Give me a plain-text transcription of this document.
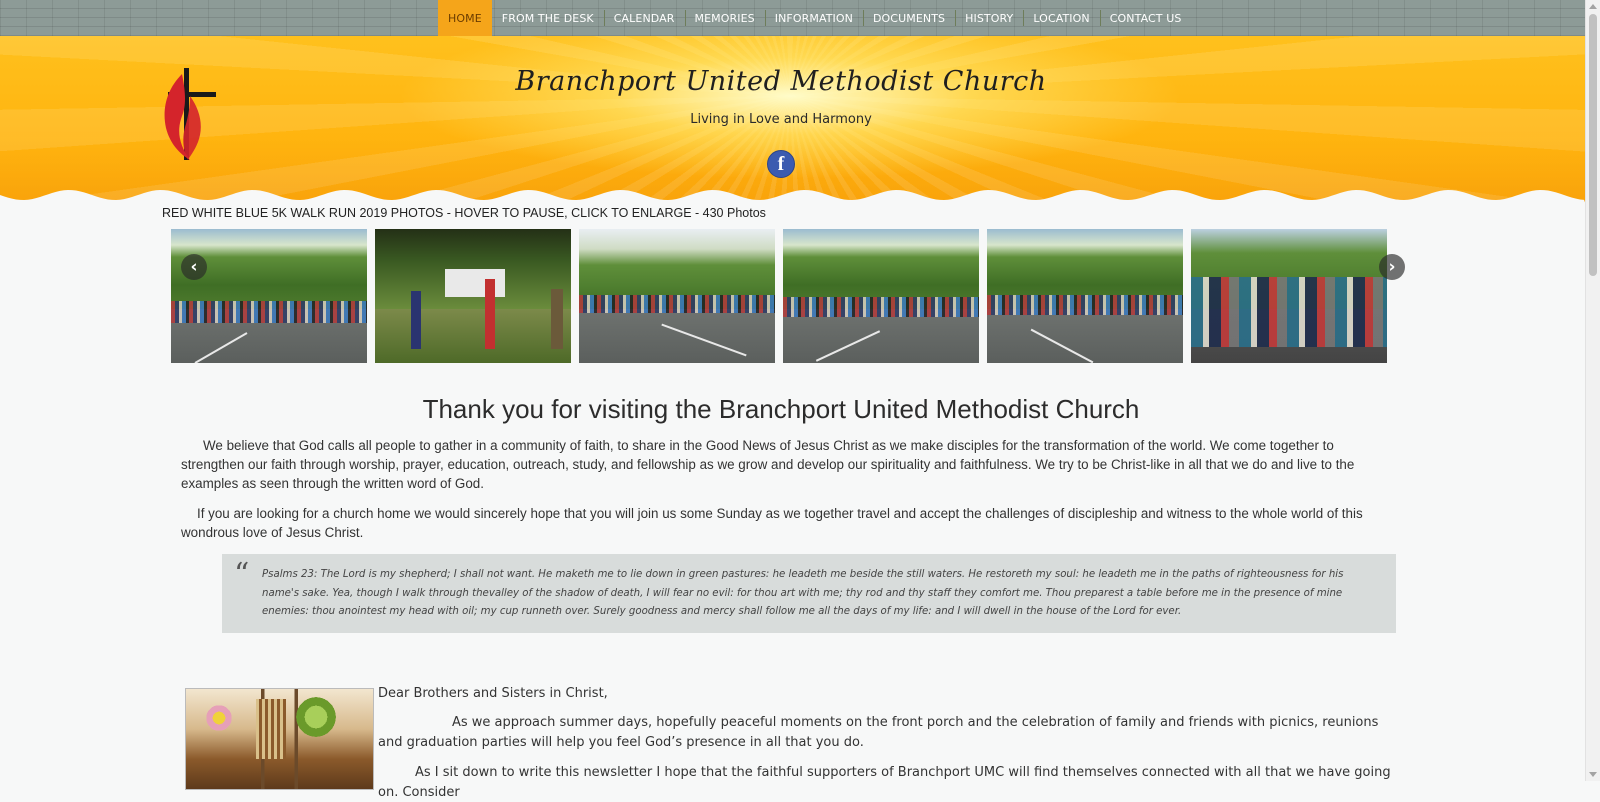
HOME	FROM THE DESK	CALENDAR	MEMORIES	INFORMATION	DOCUMENTS	HISTORY	LOCATION	CONTACT US
Branchport United Methodist Church
Living in Love and Harmony
f
RED WHITE BLUE 5K WALK RUN 2019 PHOTOS - HOVER TO PAUSE, CLICK TO ENLARGE - 430 Photos
‹	›
Thank you for visiting the Branchport United Methodist Church

We believe that God calls all people to gather in a community of faith, to share in the Good News of Jesus Christ as we make disciples for the transformation of the world. We come together to strengthen our faith through worship, prayer, education, outreach, study, and fellowship as we grow and develop our spirituality and faithfulness. We try to be Christ-like in all that we do and live to the examples as seen through the written word of God.

If you are looking for a church home we would sincerely hope that you will join us some Sunday as we together travel and accept the challenges of discipleship and witness to the whole world of this wondrous love of Jesus Christ.

“ Psalms 23: The Lord is my shepherd; I shall not want. He maketh me to lie down in green pastures: he leadeth me beside the still waters. He restoreth my soul: he leadeth me in the paths of righteousness for his name's sake. Yea, though I walk through thevalley of the shadow of death, I will fear no evil: for thou art with me; thy rod and thy staff they comfort me. Thou preparest a table before me in the presence of mine enemies: thou anointest my head with oil; my cup runneth over. Surely goodness and mercy shall follow me all the days of my life: and I will dwell in the house of the Lord for ever.

Dear Brothers and Sisters in Christ,

As we approach summer days, hopefully peaceful moments on the front porch and the celebration of family and friends with picnics, reunions and graduation parties will help you feel God’s presence in all that you do.

As I sit down to write this newsletter I hope that the faithful supporters of Branchport UMC will find themselves connected with all that we have going on. Consider
